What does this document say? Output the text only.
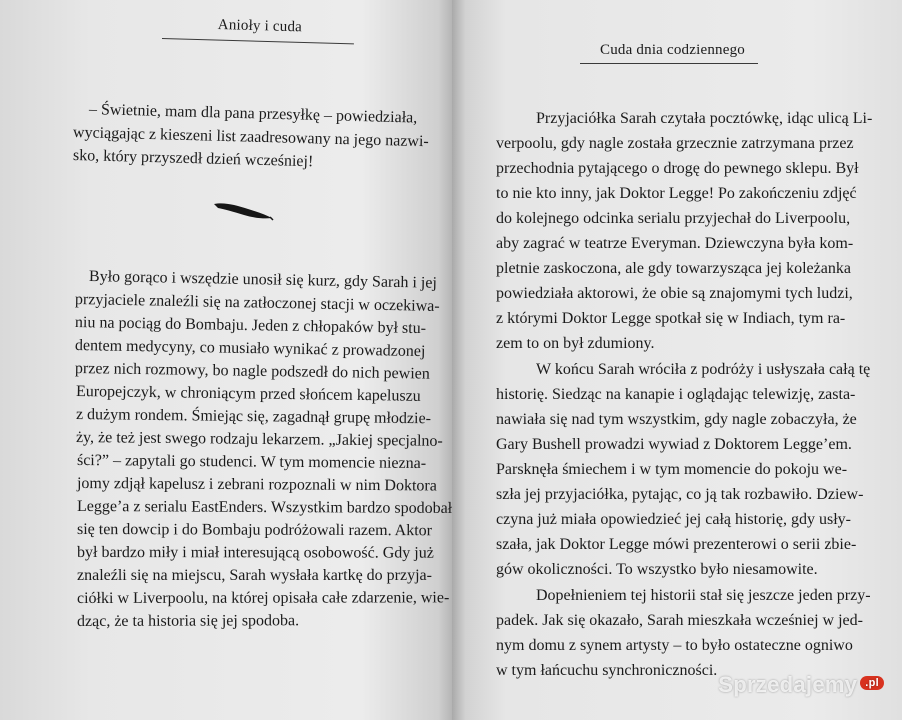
Anioły i cuda
– Świetnie, mam dla pana przesyłkę – powiedziała,
wyciągając z kieszeni list zaadresowany na jego nazwi-
sko, który przyszedł dzień wcześniej!
Było gorąco i wszędzie unosił się kurz, gdy Sarah i jej
przyjaciele znaleźli się na zatłoczonej stacji w oczekiwa-
niu na pociąg do Bombaju. Jeden z chłopaków był stu-
dentem medycyny, co musiało wynikać z prowadzonej
przez nich rozmowy, bo nagle podszedł do nich pewien
Europejczyk, w chroniącym przed słońcem kapeluszu
z dużym rondem. Śmiejąc się, zagadnął grupę młodzie-
ży, że też jest swego rodzaju lekarzem. „Jakiej specjalno-
ści?” – zapytali go studenci. W tym momencie niezna-
jomy zdjął kapelusz i zebrani rozpoznali w nim Doktora
Legge’a z serialu EastEnders. Wszystkim bardzo spodobał
się ten dowcip i do Bombaju podróżowali razem. Aktor
był bardzo miły i miał interesującą osobowość. Gdy już
znaleźli się na miejscu, Sarah wysłała kartkę do przyja-
ciółki w Liverpoolu, na której opisała całe zdarzenie, wie-
dząc, że ta historia się jej spodoba.
Cuda dnia codziennego
Przyjaciółka Sarah czytała pocztówkę, idąc ulicą Li-
verpoolu, gdy nagle została grzecznie zatrzymana przez
przechodnia pytającego o drogę do pewnego sklepu. Był
to nie kto inny, jak Doktor Legge! Po zakończeniu zdjęć
do kolejnego odcinka serialu przyjechał do Liverpoolu,
aby zagrać w teatrze Everyman. Dziewczyna była kom-
pletnie zaskoczona, ale gdy towarzysząca jej koleżanka
powiedziała aktorowi, że obie są znajomymi tych ludzi,
z którymi Doktor Legge spotkał się w Indiach, tym ra-
zem to on był zdumiony.
W końcu Sarah wróciła z podróży i usłyszała całą tę
historię. Siedząc na kanapie i oglądając telewizję, zasta-
nawiała się nad tym wszystkim, gdy nagle zobaczyła, że
Gary Bushell prowadzi wywiad z Doktorem Legge’em.
Parsknęła śmiechem i w tym momencie do pokoju we-
szła jej przyjaciółka, pytając, co ją tak rozbawiło. Dziew-
czyna już miała opowiedzieć jej całą historię, gdy usły-
szała, jak Doktor Legge mówi prezenterowi o serii zbie-
gów okoliczności. To wszystko było niesamowite.
Dopełnieniem tej historii stał się jeszcze jeden przy-
padek. Jak się okazało, Sarah mieszkała wcześniej w jed-
nym domu z synem artysty – to było ostateczne ogniwo
w tym łańcuchu synchroniczności.
Sprzedajemy .pl
